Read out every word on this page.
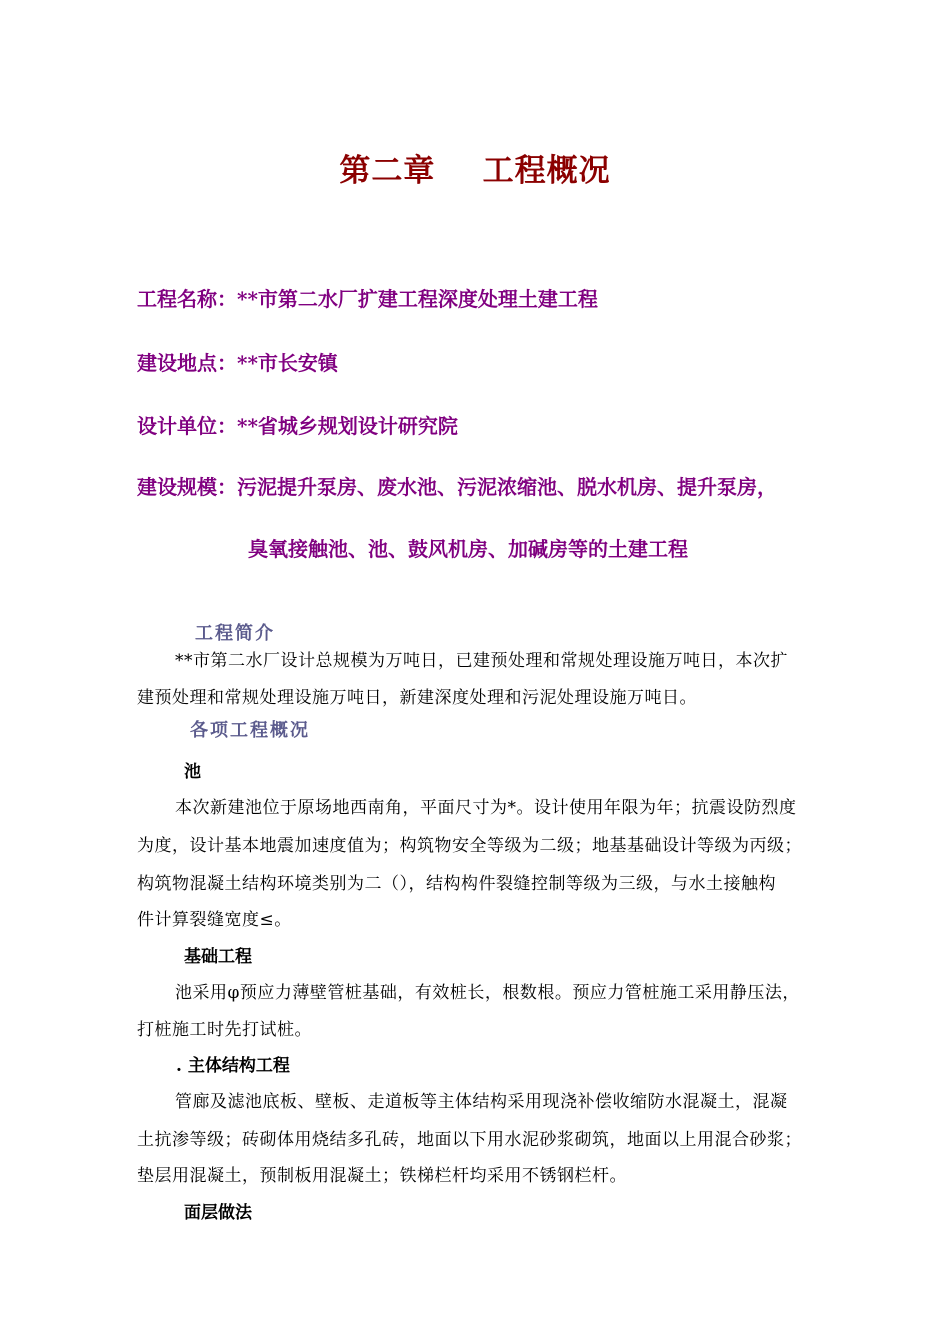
第二章    工程概况
工程名称：**市第二水厂扩建工程深度处理土建工程
建设地点：**市长安镇
设计单位：**省城乡规划设计研究院
建设规模：污泥提升泵房、废水池、污泥浓缩池、脱水机房、提升泵房，
臭氧接触池、池、鼓风机房、加碱房等的土建工程
工程简介
**市第二水厂设计总规模为万吨日，已建预处理和常规处理设施万吨日，本次扩
建预处理和常规处理设施万吨日，新建深度处理和污泥处理设施万吨日。
各项工程概况
池
本次新建池位于原场地西南角，平面尺寸为*。设计使用年限为年；抗震设防烈度
为度，设计基本地震加速度值为；构筑物安全等级为二级；地基基础设计等级为丙级；
构筑物混凝土结构环境类别为二（），结构构件裂缝控制等级为三级，与水土接触构
件计算裂缝宽度≤。
基础工程
池采用φ预应力薄壁管桩基础，有效桩长，根数根。预应力管桩施工采用静压法，
打桩施工时先打试桩。
. 主体结构工程
管廊及滤池底板、壁板、走道板等主体结构采用现浇补偿收缩防水混凝土，混凝
土抗渗等级；砖砌体用烧结多孔砖，地面以下用水泥砂浆砌筑，地面以上用混合砂浆；
垫层用混凝土，预制板用混凝土；铁梯栏杆均采用不锈钢栏杆。
面层做法
